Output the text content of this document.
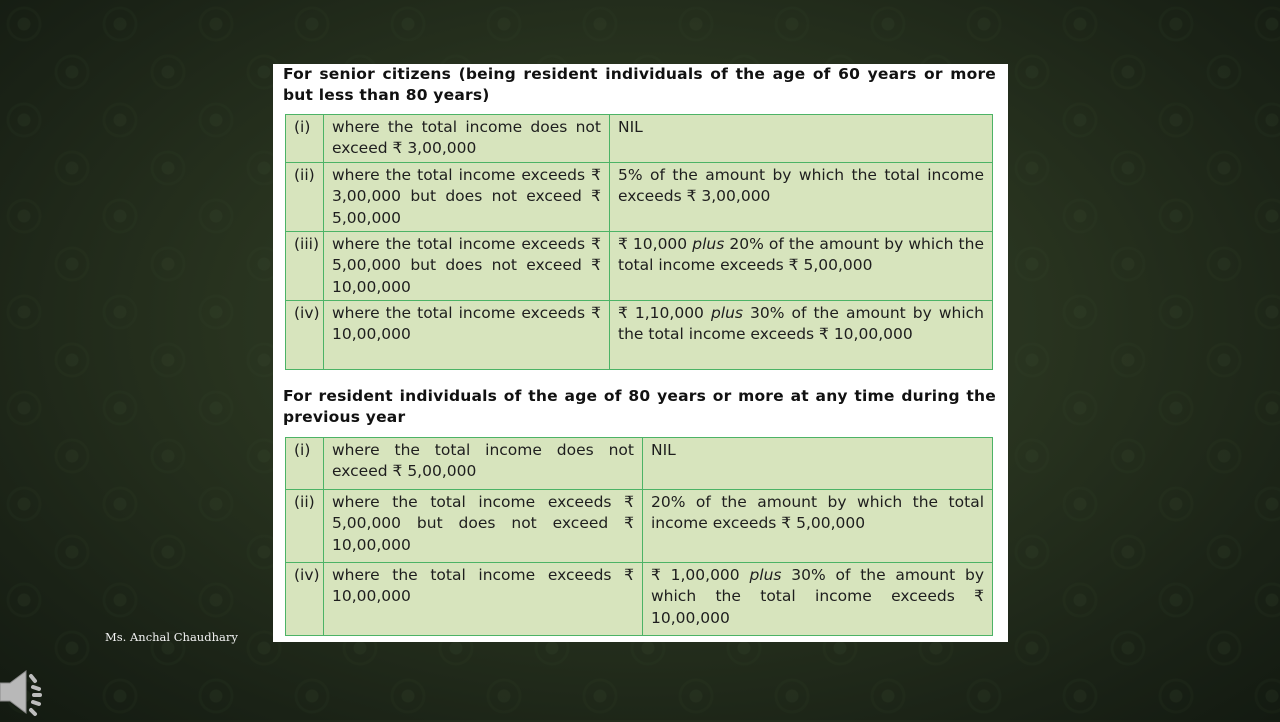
For senior citizens (being resident individuals of the age of 60 years or more but less than 80 years)

(i)	where the total income does not exceed ₹ 3,00,000	NIL
(ii)	where the total income exceeds ₹ 3,00,000 but does not exceed ₹ 5,00,000	5% of the amount by which the total income exceeds ₹ 3,00,000
(iii)	where the total income exceeds ₹ 5,00,000 but does not exceed ₹ 10,00,000	₹ 10,000 plus 20% of the amount by which the total income exceeds ₹ 5,00,000
(iv)	where the total income exceeds ₹ 10,00,000	₹ 1,10,000 plus 30% of the amount by which the total income exceeds ₹ 10,00,000

For resident individuals of the age of 80 years or more at any time during the previous year

(i)	where the total income does not exceed ₹ 5,00,000	NIL
(ii)	where the total income exceeds ₹ 5,00,000 but does not exceed ₹ 10,00,000	20% of the amount by which the total income exceeds ₹ 5,00,000
(iv)	where the total income exceeds ₹ 10,00,000	₹ 1,00,000 plus 30% of the amount by which the total income exceeds ₹ 10,00,000
Ms. Anchal Chaudhary
